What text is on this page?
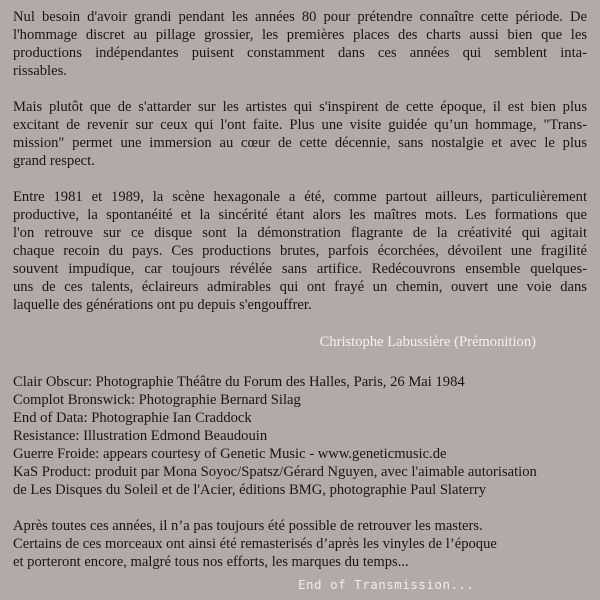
Nul besoin d'avoir grandi pendant les années 80 pour prétendre connaître cette période. De
l'hommage discret au pillage grossier, les premières places des charts aussi bien que les
productions indépendantes puisent constamment dans ces années qui semblent inta-
rissables.

Mais plutôt que de s'attarder sur les artistes qui s'inspirent de cette époque, il est bien plus
excitant de revenir sur ceux qui l'ont faite. Plus une visite guidée qu’un hommage, "Trans-
mission" permet une immersion au cœur de cette décennie, sans nostalgie et avec le plus
grand respect.

Entre 1981 et 1989, la scène hexagonale a été, comme partout ailleurs, particulièrement
productive, la spontanéité et la sincérité étant alors les maîtres mots. Les formations que
l'on retrouve sur ce disque sont la démonstration flagrante de la créativité qui agitait
chaque recoin du pays. Ces productions brutes, parfois écorchées, dévoilent une fragilité
souvent impudique, car toujours révélée sans artifice. Redécouvrons ensemble quelques-
uns de ces talents, éclaireurs admirables qui ont frayé un chemin, ouvert une voie dans
laquelle des générations ont pu depuis s'engouffrer.

Christophe Labussière (Prémonition)

Clair Obscur: Photographie Théâtre du Forum des Halles, Paris, 26 Mai 1984
Complot Bronswick: Photographie Bernard Silag
End of Data: Photographie Ian Craddock
Resistance: Illustration Edmond Beaudouin
Guerre Froide: appears courtesy of Genetic Music - www.geneticmusic.de
KaS Product: produit par Mona Soyoc/Spatsz/Gérard Nguyen, avec l'aimable autorisation
de Les Disques du Soleil et de l'Acier, éditions BMG, photographie Paul Slaterry

Après toutes ces années, il n’a pas toujours été possible de retrouver les masters.
Certains de ces morceaux ont ainsi été remasterisés d’après les vinyles de l’époque
et porteront encore, malgré tous nos efforts, les marques du temps...

End of Transmission...
